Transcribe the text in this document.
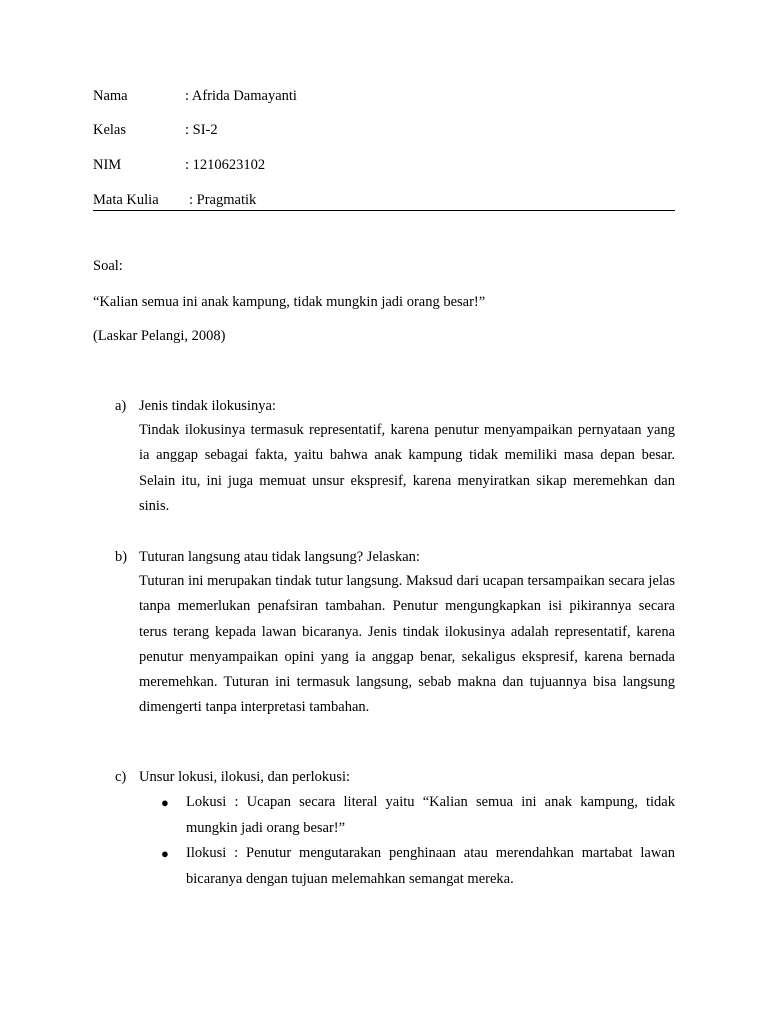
Nama	: Afrida Damayanti
Kelas	: SI-2
NIM	: 1210623102
Mata Kulia : Pragmatik
Soal:
“Kalian semua ini anak kampung, tidak mungkin jadi orang besar!”
(Laskar Pelangi, 2008)
a) Jenis tindak ilokusinya:
Tindak ilokusinya termasuk representatif, karena penutur menyampaikan pernyataan yang ia anggap sebagai fakta, yaitu bahwa anak kampung tidak memiliki masa depan besar. Selain itu, ini juga memuat unsur ekspresif, karena menyiratkan sikap meremehkan dan sinis.
b) Tuturan langsung atau tidak langsung? Jelaskan:
Tuturan ini merupakan tindak tutur langsung. Maksud dari ucapan tersampaikan secara jelas tanpa memerlukan penafsiran tambahan. Penutur mengungkapkan isi pikirannya secara terus terang kepada lawan bicaranya. Jenis tindak ilokusinya adalah representatif, karena penutur menyampaikan opini yang ia anggap benar, sekaligus ekspresif, karena bernada meremehkan. Tuturan ini termasuk langsung, sebab makna dan tujuannya bisa langsung dimengerti tanpa interpretasi tambahan.
c) Unsur lokusi, ilokusi, dan perlokusi:
● Lokusi : Ucapan secara literal yaitu “Kalian semua ini anak kampung, tidak mungkin jadi orang besar!”
● Ilokusi : Penutur mengutarakan penghinaan atau merendahkan martabat lawan bicaranya dengan tujuan melemahkan semangat mereka.
